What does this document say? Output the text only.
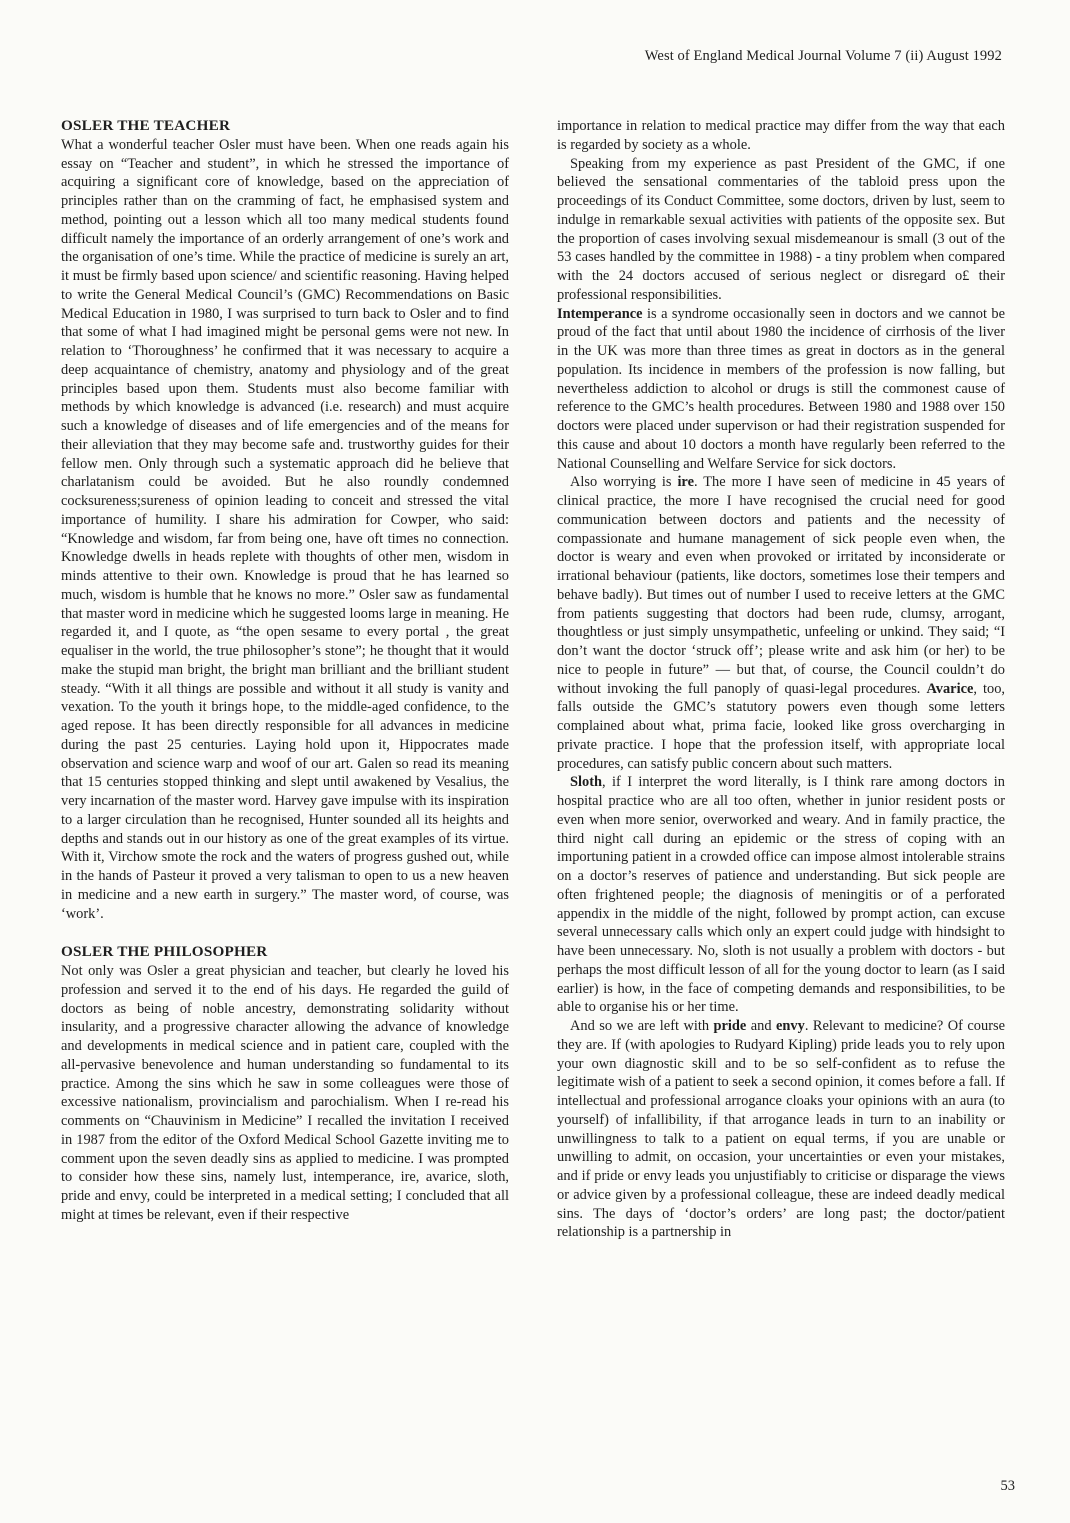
West of England Medical Journal Volume 7 (ii) August 1992
OSLER THE TEACHER

What a wonderful teacher Osler must have been. When one reads again his essay on “Teacher and student”, in which he stressed the importance of acquiring a significant core of knowledge, based on the appreciation of principles rather than on the cramming of fact, he emphasised system and method, pointing out a lesson which all too many medical students found difficult namely the importance of an orderly arrangement of one’s work and the organisation of one’s time. While the practice of medicine is surely an art, it must be firmly based upon science/ and scientific reasoning. Having helped to write the General Medical Council’s (GMC) Recommendations on Basic Medical Education in 1980, I was surprised to turn back to Osler and to find that some of what I had imagined might be personal gems were not new. In relation to ‘Thoroughness’ he confirmed that it was necessary to acquire a deep acquaintance of chemistry, anatomy and physiology and of the great principles based upon them. Students must also become familiar with methods by which knowledge is advanced (i.e. research) and must acquire such a knowledge of diseases and of life emergencies and of the means for their alleviation that they may become safe and. trustworthy guides for their fellow men. Only through such a systematic approach did he believe that charlatanism could be avoided. But he also roundly condemned cocksureness;sureness of opinion leading to conceit and stressed the vital importance of humility. I share his admiration for Cowper, who said: “Knowledge and wisdom, far from being one, have oft times no connection. Knowledge dwells in heads replete with thoughts of other men, wisdom in minds attentive to their own. Knowledge is proud that he has learned so much, wisdom is humble that he knows no more.” Osler saw as fundamental that master word in medicine which he suggested looms large in meaning. He regarded it, and I quote, as “the open sesame to every portal , the great equaliser in the world, the true philosopher’s stone”; he thought that it would make the stupid man bright, the bright man brilliant and the brilliant student steady. “With it all things are possible and without it all study is vanity and vexation. To the youth it brings hope, to the middle-aged confidence, to the aged repose. It has been directly responsible for all advances in medicine during the past 25 centuries. Laying hold upon it, Hippocrates made observation and science warp and woof of our art. Galen so read its meaning that 15 centuries stopped thinking and slept until awakened by Vesalius, the very incarnation of the master word. Harvey gave impulse with its inspiration to a larger circulation than he recognised, Hunter sounded all its heights and depths and stands out in our history as one of the great examples of its virtue. With it, Virchow smote the rock and the waters of progress gushed out, while in the hands of Pasteur it proved a very talisman to open to us a new heaven in medicine and a new earth in surgery.” The master word, of course, was ‘work’.

OSLER THE PHILOSOPHER

Not only was Osler a great physician and teacher, but clearly he loved his profession and served it to the end of his days. He regarded the guild of doctors as being of noble ancestry, demonstrating solidarity without insularity, and a progressive character allowing the advance of knowledge and developments in medical science and in patient care, coupled with the all-pervasive benevolence and human understanding so fundamental to its practice. Among the sins which he saw in some colleagues were those of excessive nationalism, provincialism and parochialism. When I re-read his comments on “Chauvinism in Medicine” I recalled the invitation I received in 1987 from the editor of the Oxford Medical School Gazette inviting me to comment upon the seven deadly sins as applied to medicine. I was prompted to consider how these sins, namely lust, intemperance, ire, avarice, sloth, pride and envy, could be interpreted in a medical setting; I concluded that all might at times be relevant, even if their respective

importance in relation to medical practice may differ from the way that each is regarded by society as a whole.

Speaking from my experience as past President of the GMC, if one believed the sensational commentaries of the tabloid press upon the proceedings of its Conduct Committee, some doctors, driven by lust, seem to indulge in remarkable sexual activities with patients of the opposite sex. But the proportion of cases involving sexual misdemeanour is small (3 out of the 53 cases handled by the committee in 1988) - a tiny problem when compared with the 24 doctors accused of serious neglect or disregard o£ their professional responsibilities.

Intemperance is a syndrome occasionally seen in doctors and we cannot be proud of the fact that until about 1980 the incidence of cirrhosis of the liver in the UK was more than three times as great in doctors as in the general population. Its incidence in members of the profession is now falling, but nevertheless addiction to alcohol or drugs is still the commonest cause of reference to the GMC’s health procedures. Between 1980 and 1988 over 150 doctors were placed under supervison or had their registration suspended for this cause and about 10 doctors a month have regularly been referred to the National Counselling and Welfare Service for sick doctors.

Also worrying is ire. The more I have seen of medicine in 45 years of clinical practice, the more I have recognised the crucial need for good communication between doctors and patients and the necessity of compassionate and humane management of sick people even when, the doctor is weary and even when provoked or irritated by inconsiderate or irrational behaviour (patients, like doctors, sometimes lose their tempers and behave badly). But times out of number I used to receive letters at the GMC from patients suggesting that doctors had been rude, clumsy, arrogant, thoughtless or just simply unsympathetic, unfeeling or unkind. They said; “I don’t want the doctor ‘struck off’; please write and ask him (or her) to be nice to people in future” — but that, of course, the Council couldn’t do without invoking the full panoply of quasi-legal procedures. Avarice, too, falls outside the GMC’s statutory powers even though some letters complained about what, prima facie, looked like gross overcharging in private practice. I hope that the profession itself, with appropriate local procedures, can satisfy public concern about such matters.

Sloth, if I interpret the word literally, is I think rare among doctors in hospital practice who are all too often, whether in junior resident posts or even when more senior, overworked and weary. And in family practice, the third night call during an epidemic or the stress of coping with an importuning patient in a crowded office can impose almost intolerable strains on a doctor’s reserves of patience and understanding. But sick people are often frightened people; the diagnosis of meningitis or of a perforated appendix in the middle of the night, followed by prompt action, can excuse several unnecessary calls which only an expert could judge with hindsight to have been unnecessary. No, sloth is not usually a problem with doctors - but perhaps the most difficult lesson of all for the young doctor to learn (as I said earlier) is how, in the face of competing demands and responsibilities, to be able to organise his or her time.

And so we are left with pride and envy. Relevant to medicine? Of course they are. If (with apologies to Rudyard Kipling) pride leads you to rely upon your own diagnostic skill and to be so self-confident as to refuse the legitimate wish of a patient to seek a second opinion, it comes before a fall. If intellectual and professional arrogance cloaks your opinions with an aura (to yourself) of infallibility, if that arrogance leads in turn to an inability or unwillingness to talk to a patient on equal terms, if you are unable or unwilling to admit, on occasion, your uncertainties or even your mistakes, and if pride or envy leads you unjustifiably to criticise or disparage the views or advice given by a professional colleague, these are indeed deadly medical sins. The days of ‘doctor’s orders’ are long past; the doctor/patient relationship is a partnership in

53
